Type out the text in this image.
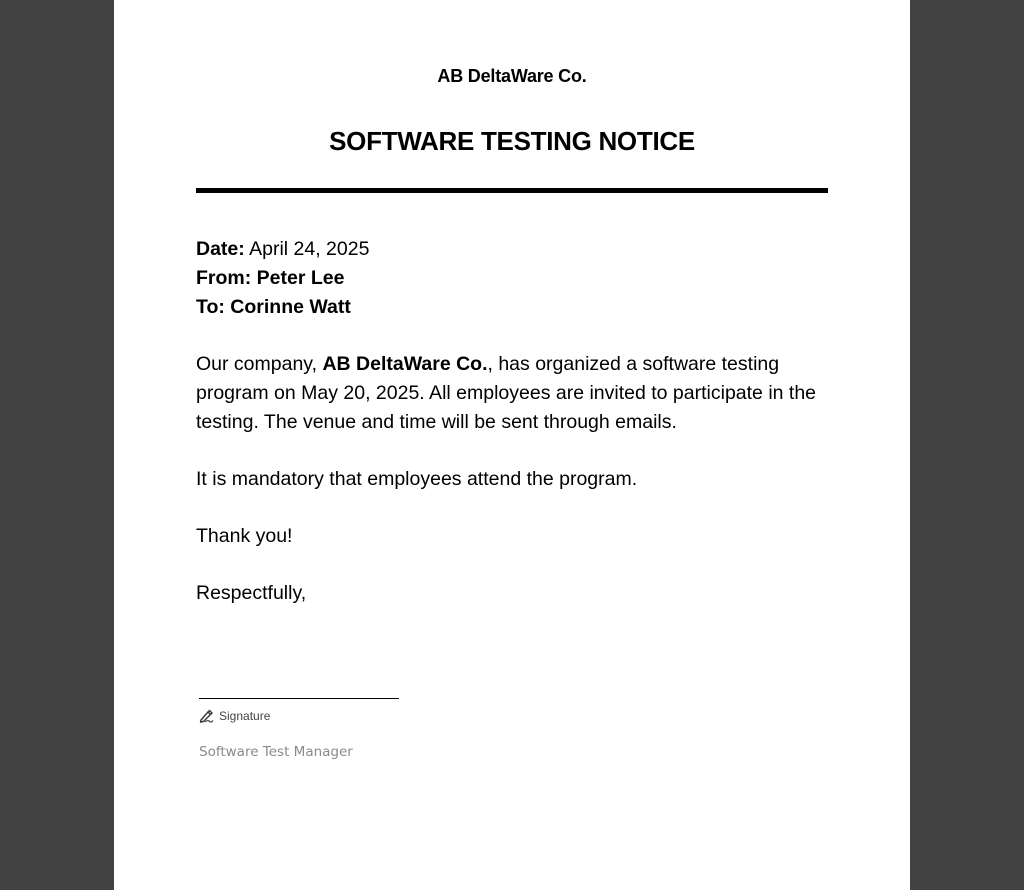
AB DeltaWare Co.
SOFTWARE TESTING NOTICE

Date: April 24, 2025

From: Peter Lee

To: Corinne Watt

Our company, AB DeltaWare Co., has organized a software testing program on May 20, 2025. All employees are invited to participate in the testing. The venue and time will be sent through emails.

It is mandatory that employees attend the program.

Thank you!

Respectfully,

Signature
Software Test Manager
